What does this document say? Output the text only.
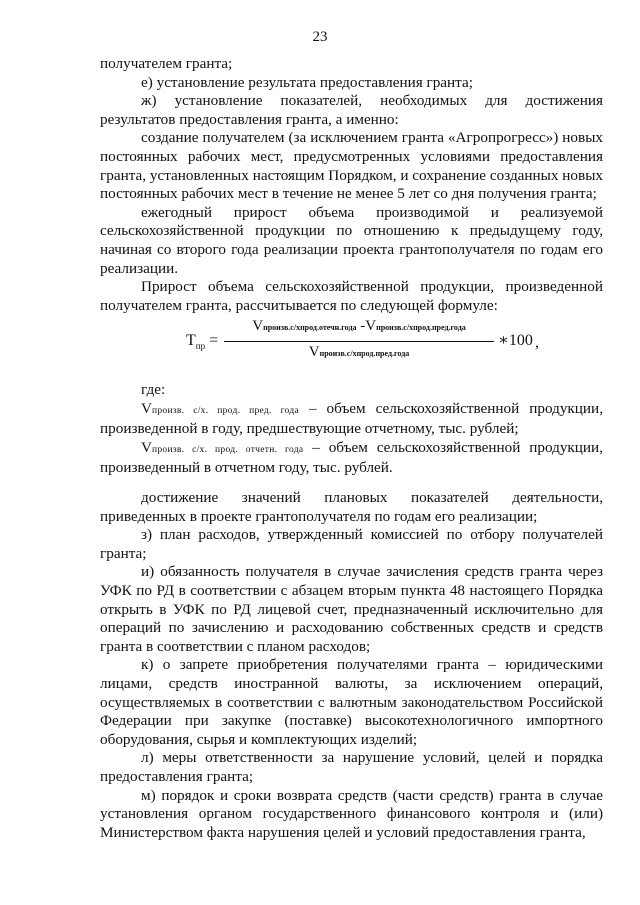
23

получателем гранта;

е) установление результата предоставления гранта;

ж) установление показателей, необходимых для достижения результатов предоставления гранта, а именно:

создание получателем (за исключением гранта «Агропрогресс») новых постоянных рабочих мест, предусмотренных условиями предоставления гранта, установленных настоящим Порядком, и сохранение созданных новых постоянных рабочих мест в течение не менее 5 лет со дня получения гранта;

ежегодный прирост объема производимой и реализуемой сельскохозяйственной продукции по отношению к предыдущему году, начиная со второго года реализации проекта грантополучателя по годам его реализации.

Прирост объема сельскохозяйственной продукции, произведенной получателем гранта, рассчитывается по следующей формуле:

$T_{пр}$ =
Vпроизв.с/хпрод.отечн.года -Vпроизв.с/хпрод.пред.года
Vпроизв.с/хпрод.пред.года
∗100 ,

где:

Vпроизв. с/х. прод. пред. года – объем сельскохозяйственной продукции, произведенной в году, предшествующие отчетному, тыс. рублей;

Vпроизв. с/х. прод. отчетн. года – объем сельскохозяйственной продукции, произведенный в отчетном году, тыс. рублей.

достижение значений плановых показателей деятельности, приведенных в проекте грантополучателя по годам его реализации;

з) план расходов, утвержденный комиссией по отбору получателей гранта;

и) обязанность получателя в случае зачисления средств гранта через УФК по РД в соответствии с абзацем вторым пункта 48 настоящего Порядка открыть в УФК по РД лицевой счет, предназначенный исключительно для операций по зачислению и расходованию собственных средств и средств гранта в соответствии с планом расходов;

к) о запрете приобретения получателями гранта – юридическими лицами, средств иностранной валюты, за исключением операций, осуществляемых в соответствии с валютным законодательством Российской Федерации при закупке (поставке) высокотехнологичного импортного оборудования, сырья и комплектующих изделий;

л) меры ответственности за нарушение условий, целей и порядка предоставления гранта;

м) порядок и сроки возврата средств (части средств) гранта в случае установления органом государственного финансового контроля и (или) Министерством факта нарушения целей и условий предоставления гранта,
